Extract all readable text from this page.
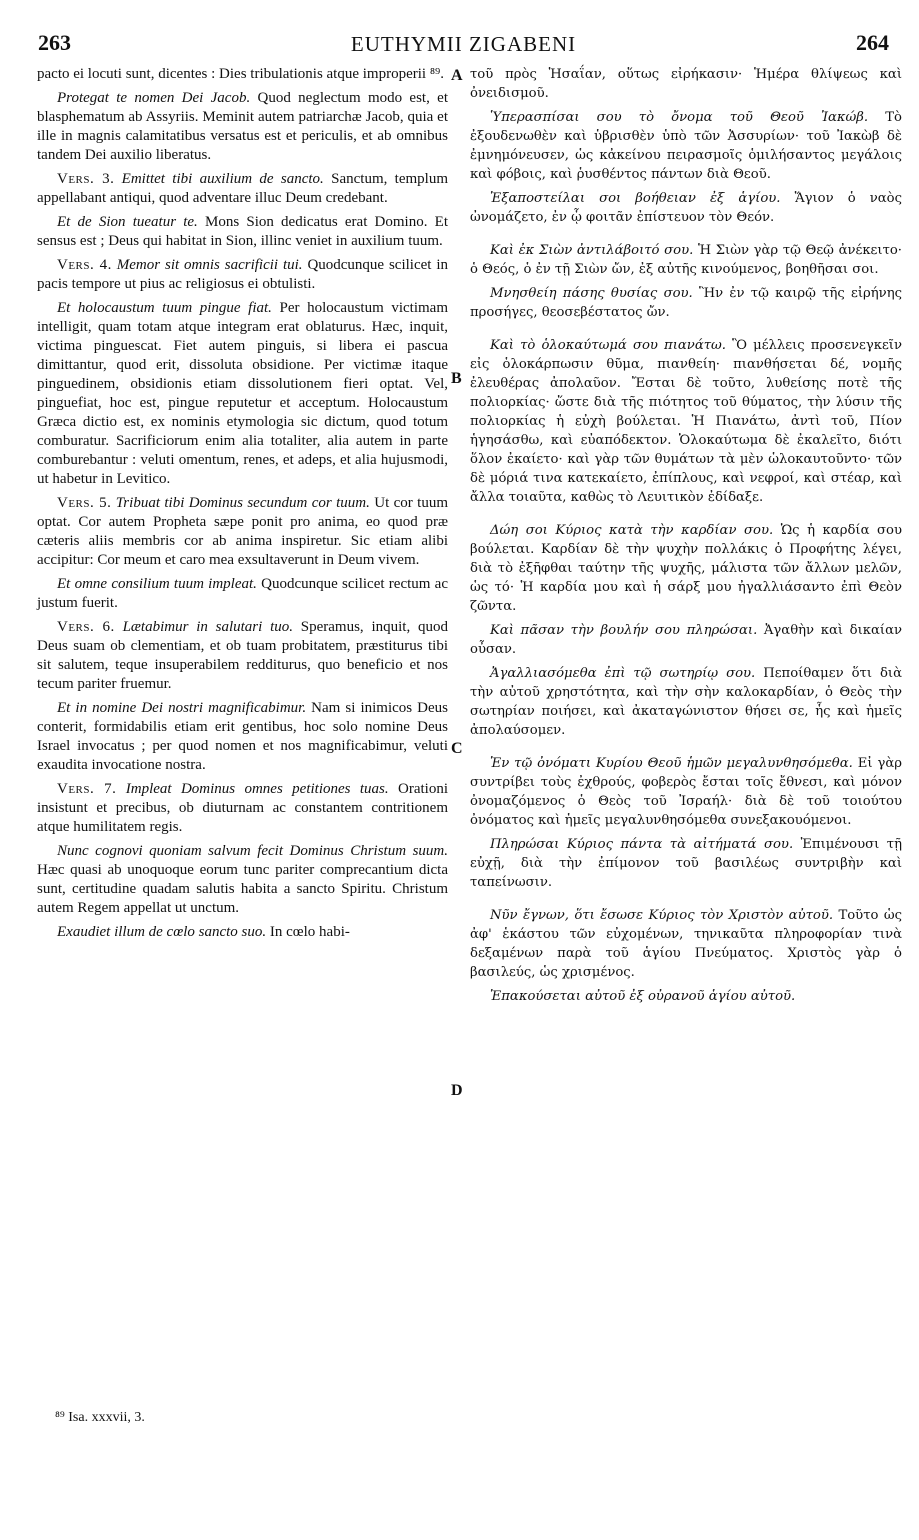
263	EUTHYMII ZIGABENI	264

pacto ei locuti sunt, dicentes : Dies tribulationis atque improperii ⁸⁹.

Protegat te nomen Dei Jacob. Quod neglectum modo est, et blasphematum ab Assyriis. Meminit autem patriarchæ Jacob, quia et ille in magnis calamitatibus versatus est et periculis, et ab omnibus tandem Dei auxilio liberatus.

Vers. 3. Emittet tibi auxilium de sancto. Sanctum, templum appellabant antiqui, quod adventare illuc Deum credebant.

Et de Sion tueatur te. Mons Sion dedicatus erat Domino. Et sensus est ; Deus qui habitat in Sion, illinc veniet in auxilium tuum.

Vers. 4. Memor sit omnis sacrificii tui. Quodcunque scilicet in pacis tempore ut pius ac religiosus ei obtulisti.

Et holocaustum tuum pingue fiat. Per holocaustum victimam intelligit, quam totam atque integram erat oblaturus. Hæc, inquit, victima pinguescat. Fiet autem pinguis, si libera ei pascua dimittantur, quod erit, dissoluta obsidione. Per victimæ itaque pinguedinem, obsidionis etiam dissolutionem fieri optat. Vel, pinguefiat, hoc est, pingue reputetur et acceptum. Holocaustum Græca dictio est, ex nominis etymologia sic dictum, quod totum comburatur. Sacrificiorum enim alia totaliter, alia autem in parte comburebantur : veluti omentum, renes, et adeps, et alia hujusmodi, ut habetur in Levitico.

Vers. 5. Tribuat tibi Dominus secundum cor tuum. Ut cor tuum optat. Cor autem Propheta sæpe ponit pro anima, eo quod præ cæteris aliis membris cor ab anima inspiretur. Sic etiam alibi accipitur: Cor meum et caro mea exsultaverunt in Deum vivem.

Et omne consilium tuum impleat. Quodcunque scilicet rectum ac justum fuerit.

Vers. 6. Lætabimur in salutari tuo. Speramus, inquit, quod Deus suam ob clementiam, et ob tuam probitatem, præstiturus tibi sit salutem, teque insuperabilem redditurus, quo beneficio et nos tecum pariter fruemur.

Et in nomine Dei nostri magnificabimur. Nam si inimicos Deus conterit, formidabilis etiam erit gentibus, hoc solo nomine Deus Israel invocatus ; per quod nomen et nos magnificabimur, veluti exaudita invocatione nostra.

Vers. 7. Impleat Dominus omnes petitiones tuas. Orationi insistunt et precibus, ob diuturnam ac constantem contritionem atque humilitatem regis.

Nunc cognovi quoniam salvum fecit Dominus Christum suum. Hæc quasi ab unoquoque eorum tunc pariter comprecantium dicta sunt, certitudine quadam salutis habita a sancto Spiritu. Christum autem Regem appellat ut unctum.

Exaudiet illum de cœlo sancto suo. In cœlo habi-

A
B
C
D

τοῦ πρὸς Ἡσαΐαν, οὕτως εἰρήκασιν· Ἡμέρα θλίψεως καὶ ὀνειδισμοῦ.

Ὑπερασπίσαι σου τὸ ὄνομα τοῦ Θεοῦ Ἰακώβ. Τὸ ἐξουδενωθὲν καὶ ὑβρισθὲν ὑπὸ τῶν Ἀσσυρίων· τοῦ Ἰακὼβ δὲ ἐμνημόνευσεν, ὡς κἀκείνου πειρασμοῖς ὁμιλήσαντος μεγάλοις καὶ φόβοις, καὶ ῥυσθέντος πάντων διὰ Θεοῦ.

Ἐξαποστείλαι σοι βοήθειαν ἐξ ἁγίου. Ἅγιον ὁ ναὸς ὠνομάζετο, ἐν ᾧ φοιτᾶν ἐπίστευον τὸν Θεόν.

Καὶ ἐκ Σιὼν ἀντιλάβοιτό σου. Ἡ Σιὼν γὰρ τῷ Θεῷ ἀνέκειτο· ὁ Θεός, ὁ ἐν τῇ Σιὼν ὤν, ἐξ αὐτῆς κινούμενος, βοηθῆσαι σοι.

Μνησθείη πάσης θυσίας σου. Ἣν ἐν τῷ καιρῷ τῆς εἰρήνης προσήγες, θεοσεβέστατος ὤν.

Καὶ τὸ ὁλοκαύτωμά σου πιανάτω. Ὃ μέλλεις προσενεγκεῖν εἰς ὁλοκάρπωσιν θῦμα, πιανθείη· πιανθήσεται δέ, νομῆς ἐλευθέρας ἀπολαῦον. Ἔσται δὲ τοῦτο, λυθείσης ποτὲ τῆς πολιορκίας· ὥστε διὰ τῆς πιότητος τοῦ θύματος, τὴν λύσιν τῆς πολιορκίας ἡ εὐχὴ βούλεται. Ἡ Πιανάτω, ἀντὶ τοῦ, Πίον ἡγησάσθω, καὶ εὐαπόδεκτον. Ὁλοκαύτωμα δὲ ἐκαλεῖτο, διότι ὅλον ἐκαίετο· καὶ γὰρ τῶν θυμάτων τὰ μὲν ὡλοκαυτοῦντο· τῶν δὲ μόριά τινα κατεκαίετο, ἐπίπλους, καὶ νεφροί, καὶ στέαρ, καὶ ἄλλα τοιαῦτα, καθὼς τὸ Λευιτικὸν ἐδίδαξε.

Δώη σοι Κύριος κατὰ τὴν καρδίαν σου. Ὡς ἡ καρδία σου βούλεται. Καρδίαν δὲ τὴν ψυχὴν πολλάκις ὁ Προφήτης λέγει, διὰ τὸ ἐξῆφθαι ταύτην τῆς ψυχῆς, μάλιστα τῶν ἄλλων μελῶν, ὡς τό· Ἡ καρδία μου καὶ ἡ σάρξ μου ἠγαλλιάσαντο ἐπὶ Θεὸν ζῶντα.

Καὶ πᾶσαν τὴν βουλήν σου πληρώσαι. Ἀγαθὴν καὶ δικαίαν οὖσαν.

Ἀγαλλιασόμεθα ἐπὶ τῷ σωτηρίῳ σου. Πεποίθαμεν ὅτι διὰ τὴν αὐτοῦ χρηστότητα, καὶ τὴν σὴν καλοκαρδίαν, ὁ Θεὸς τὴν σωτηρίαν ποιήσει, καὶ ἀκαταγώνιστον θήσει σε, ἧς καὶ ἡμεῖς ἀπολαύσομεν.

Ἐν τῷ ὀνόματι Κυρίου Θεοῦ ἡμῶν μεγαλυνθησόμεθα. Εἰ γὰρ συντρίβει τοὺς ἐχθρούς, φοβερὸς ἔσται τοῖς ἔθνεσι, καὶ μόνον ὀνομαζόμενος ὁ Θεὸς τοῦ Ἰσραήλ· διὰ δὲ τοῦ τοιούτου ὀνόματος καὶ ἡμεῖς μεγαλυνθησόμεθα συνεξακουόμενοι.

Πληρώσαι Κύριος πάντα τὰ αἰτήματά σου. Ἐπιμένουσι τῇ εὐχῇ, διὰ τὴν ἐπίμονον τοῦ βασιλέως συντριβὴν καὶ ταπείνωσιν.

Νῦν ἔγνων, ὅτι ἔσωσε Κύριος τὸν Χριστὸν αὐτοῦ. Τοῦτο ὡς ἀφ' ἑκάστου τῶν εὐχομένων, τηνικαῦτα πληροφορίαν τινὰ δεξαμένων παρὰ τοῦ ἁγίου Πνεύματος. Χριστὸς γὰρ ὁ βασιλεύς, ὡς χρισμένος.

Ἐπακούσεται αὐτοῦ ἐξ οὐρανοῦ ἁγίου αὐτοῦ.

⁸⁹ Isa. xxxvii, 3.
